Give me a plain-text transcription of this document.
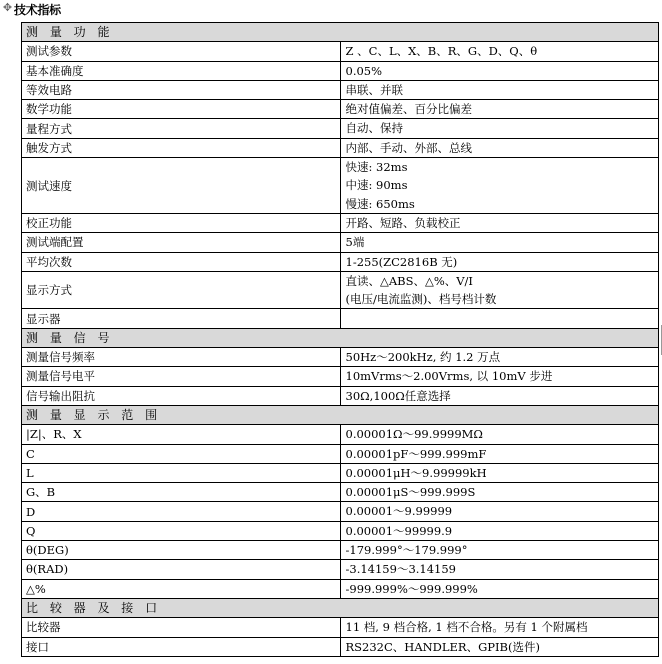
✥ 技术指标
测 量 功 能	
测试参数	Z 、C、L、X、B、R、G、D、Q、θ

基本准确度	0.05%

等效电路	串联、并联

数学功能	绝对值偏差、百分比偏差

量程方式	自动、保持

触发方式	内部、手动、外部、总线

测试速度	快速: 32ms
中速: 90ms
慢速: 650ms

校正功能	开路、短路、负载校正

测试端配置	5端

平均次数	1-255(ZC2816B 无)

显示方式	直读、△ABS、△%、V/I
(电压/电流监测)、档号档计数

显示器	

测 量 信 号	
测量信号频率	50Hz～200kHz, 约 1.2 万点

测量信号电平	10mVrms～2.00Vrms, 以 10mV 步进

信号输出阻抗	30Ω,100Ω任意选择

测 量 显 示 范 围	
|Z|、R、X	0.00001Ω～99.9999MΩ

C	0.00001pF～999.999mF

L	0.00001μH～9.99999kH

G、B	0.00001μS～999.999S

D	0.00001～9.99999

Q	0.00001～99999.9

θ(DEG)	-179.999°～179.999°

θ(RAD)	-3.14159～3.14159

△%	-999.999%～999.999%

比 较 器 及 接 口	
比较器	11 档, 9 档合格, 1 档不合格。另有 1 个附属档

接口	RS232C、HANDLER、GPIB(选件)
